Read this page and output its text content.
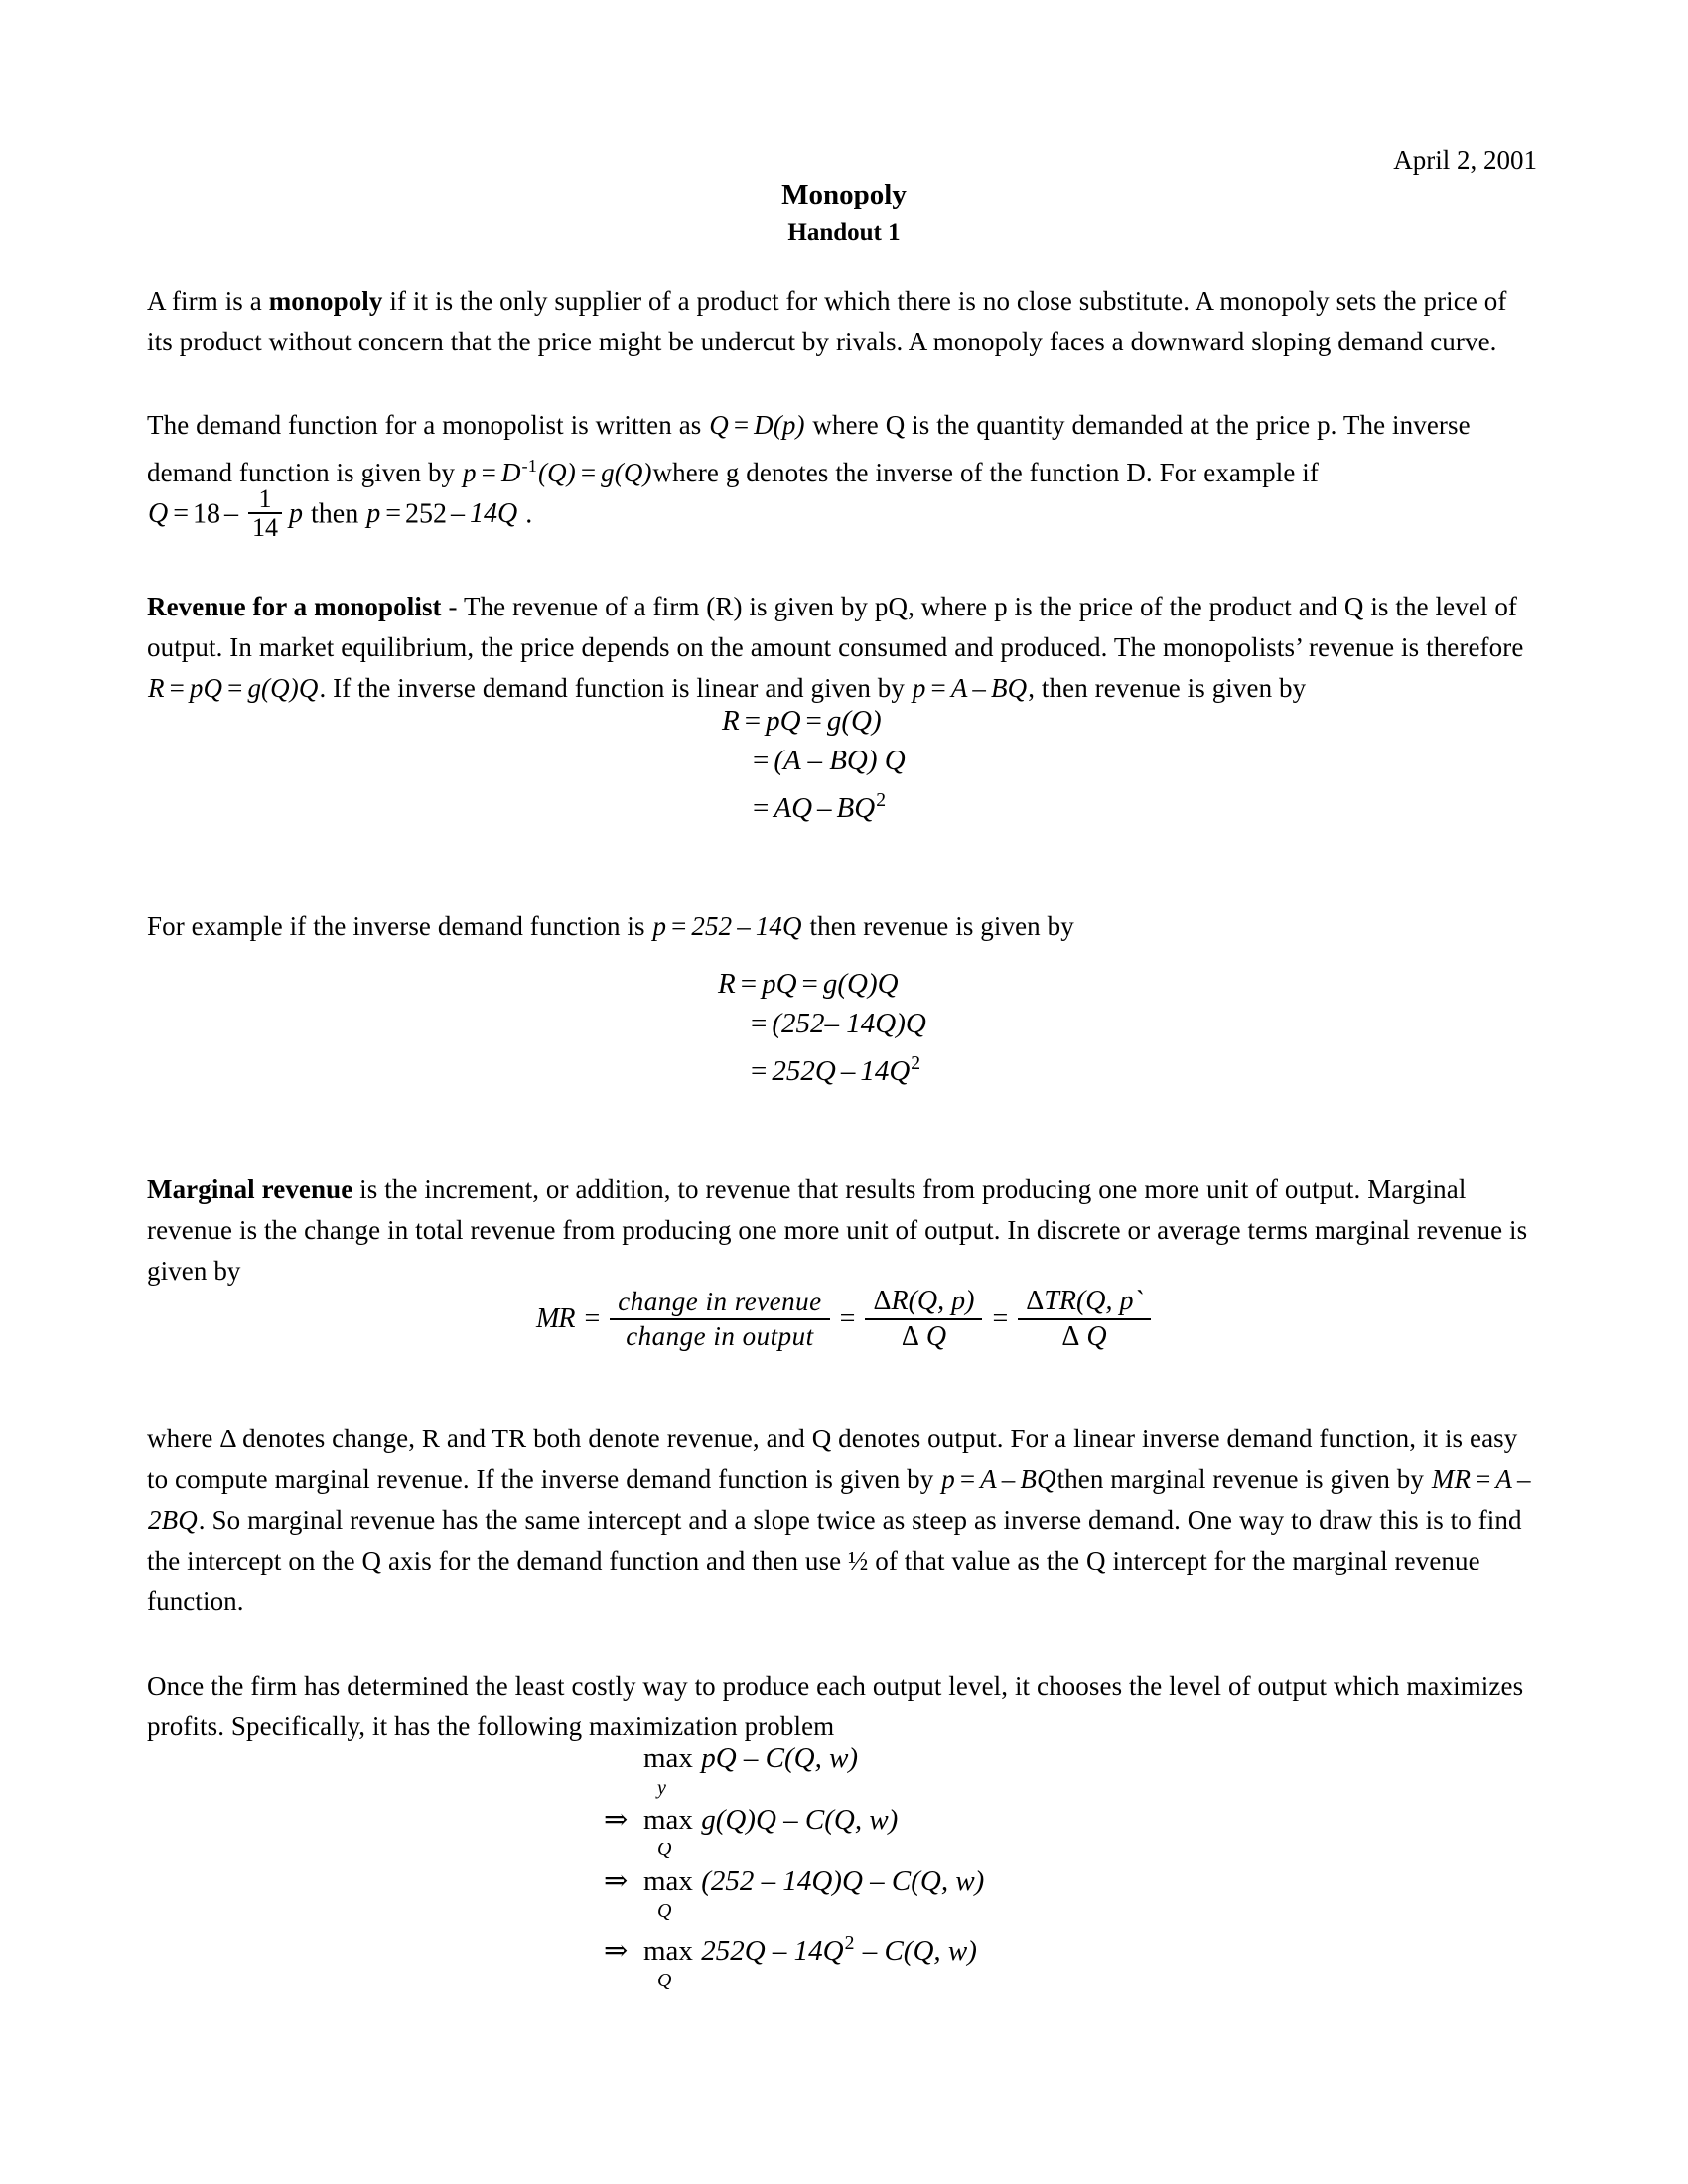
April 2, 2001
Monopoly
Handout 1

A firm is a monopoly if it is the only supplier of a product for which there is no close substitute. A monopoly sets the price of its product without concern that the price might be undercut by rivals. A monopoly faces a downward sloping demand curve.

The demand function for a monopolist is written as Q = D(p) where Q is the quantity demanded at the price p. The inverse demand function is given by $p = D^{-1}(Q)$ = g(Q)where g denotes the inverse of the function D. For example if

$Q = 18 - \frac{1}{14}$ p then p = 252 – 14Q .

Revenue for a monopolist - The revenue of a firm (R) is given by pQ, where p is the price of the product and Q is the level of output. In market equilibrium, the price depends on the amount consumed and produced. The monopolists’ revenue is therefore R = pQ = g(Q)Q. If the inverse demand function is linear and given by p = A – BQ, then revenue is given by

R = pQ = g(Q)
= (A – BQ) Q
= AQ – $BQ^2$

For example if the inverse demand function is p = 252 – 14Q then revenue is given by

R = pQ = g(Q)Q
= (252– 14Q)Q
= $252Q - 14Q^2$

Marginal revenue is the increment, or addition, to revenue that results from producing one more unit of output. Marginal revenue is the change in total revenue from producing one more unit of output. In discrete or average terms marginal revenue is given by

MR = $\frac{\text{change in revenue}}{\text{change in output}} = \frac{\Delta R(Q, p)}{\text{Δ Q}} = \frac{\text{ΔTR(Q, p`}}{\text{Δ Q}}$

where Δ denotes change, R and TR both denote revenue, and Q denotes output. For a linear inverse demand function, it is easy to compute marginal revenue. If the inverse demand function is given by p = A – BQthen marginal revenue is given by MR = A –2BQ. So marginal revenue has the same intercept and a slope twice as steep as inverse demand. One way to draw this is to find the intercept on the Q axis for the demand function and then use ½ of that value as the Q intercept for the marginal revenue function.

Once the firm has determined the least costly way to produce each output level, it chooses the level of output which maximizes profits. Specifically, it has the following maximization problem

max
y
pQ – C(Q, w)
⇒ max
Q
g(Q)Q – C(Q, w)
⇒ max
Q
(252 – 14Q)Q – C(Q, w)
⇒ max
Q
$252Q - 14Q^2 - C(Q$, w)
